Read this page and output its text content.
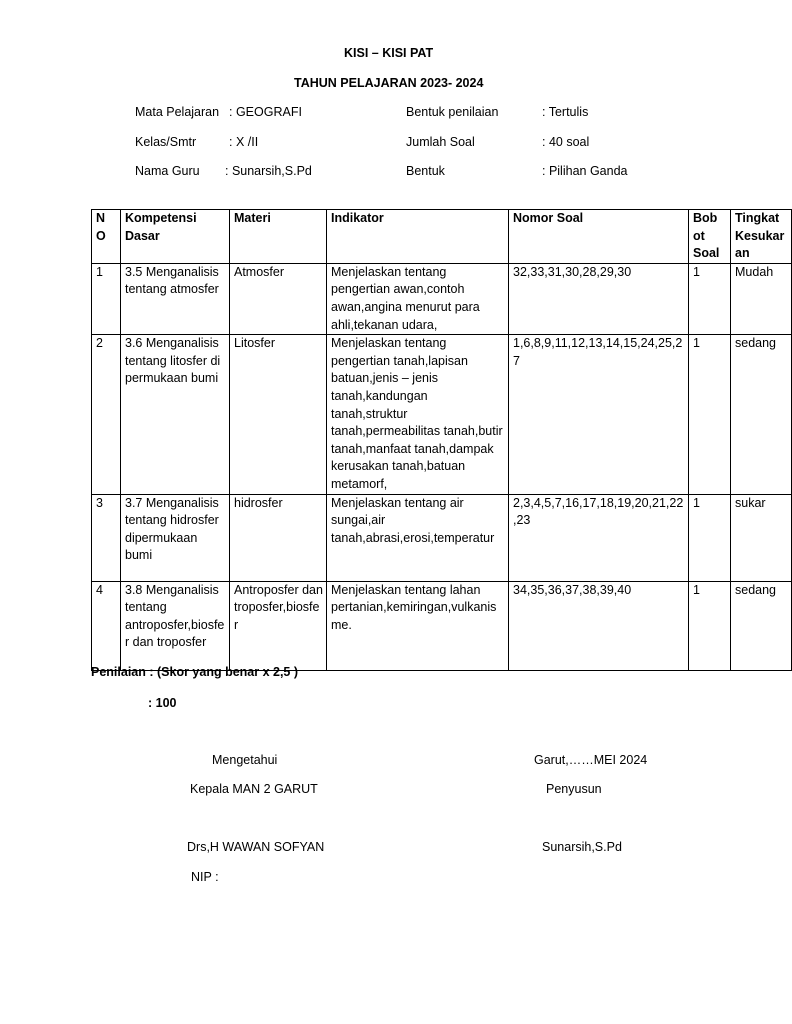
KISI – KISI PAT
TAHUN PELAJARAN 2023- 2024
Mata Pelajaran : GEOGRAFI	Bentuk penilaian	: Tertulis
Kelas/Smtr	: X /II	Jumlah Soal	: 40 soal
Nama Guru : Sunarsih,S.Pd	Bentuk	: Pilihan Ganda
N O	Kompetensi Dasar	Materi	Indikator	Nomor Soal	Bob ot Soal	Tingkat Kesukaran
1	3.5 Menganalisis tentang atmosfer	Atmosfer	Menjelaskan tentang pengertian awan,contoh awan,angina menurut para ahli,tekanan udara,	32,33,31,30,28,29,30	1	Mudah
2	3.6 Menganalisis tentang litosfer di permukaan bumi	Litosfer	Menjelaskan tentang pengertian tanah,lapisan batuan,jenis – jenis tanah,kandungan tanah,struktur tanah,permeabilitas tanah,butir tanah,manfaat tanah,dampak kerusakan tanah,batuan metamorf,	1,6,8,9,11,12,13,14,15,24,25,27	1	sedang
3	3.7 Menganalisis tentang hidrosfer dipermukaan bumi	hidrosfer	Menjelaskan tentang air sungai,air tanah,abrasi,erosi,temperatur	2,3,4,5,7,16,17,18,19,20,21,22,23	1	sukar
4	3.8 Menganalisis tentang antroposfer,biosfer dan troposfer	Antroposfer dan troposfer,biosfer	Menjelaskan tentang lahan pertanian,kemiringan,vulkanisme.	34,35,36,37,38,39,40	1	sedang
Penilaian : (Skor yang benar x 2,5 )
: 100
Mengetahui
Kepala MAN 2 GARUT
Drs,H WAWAN SOFYAN
NIP :
Garut,……MEI 2024
Penyusun
Sunarsih,S.Pd
